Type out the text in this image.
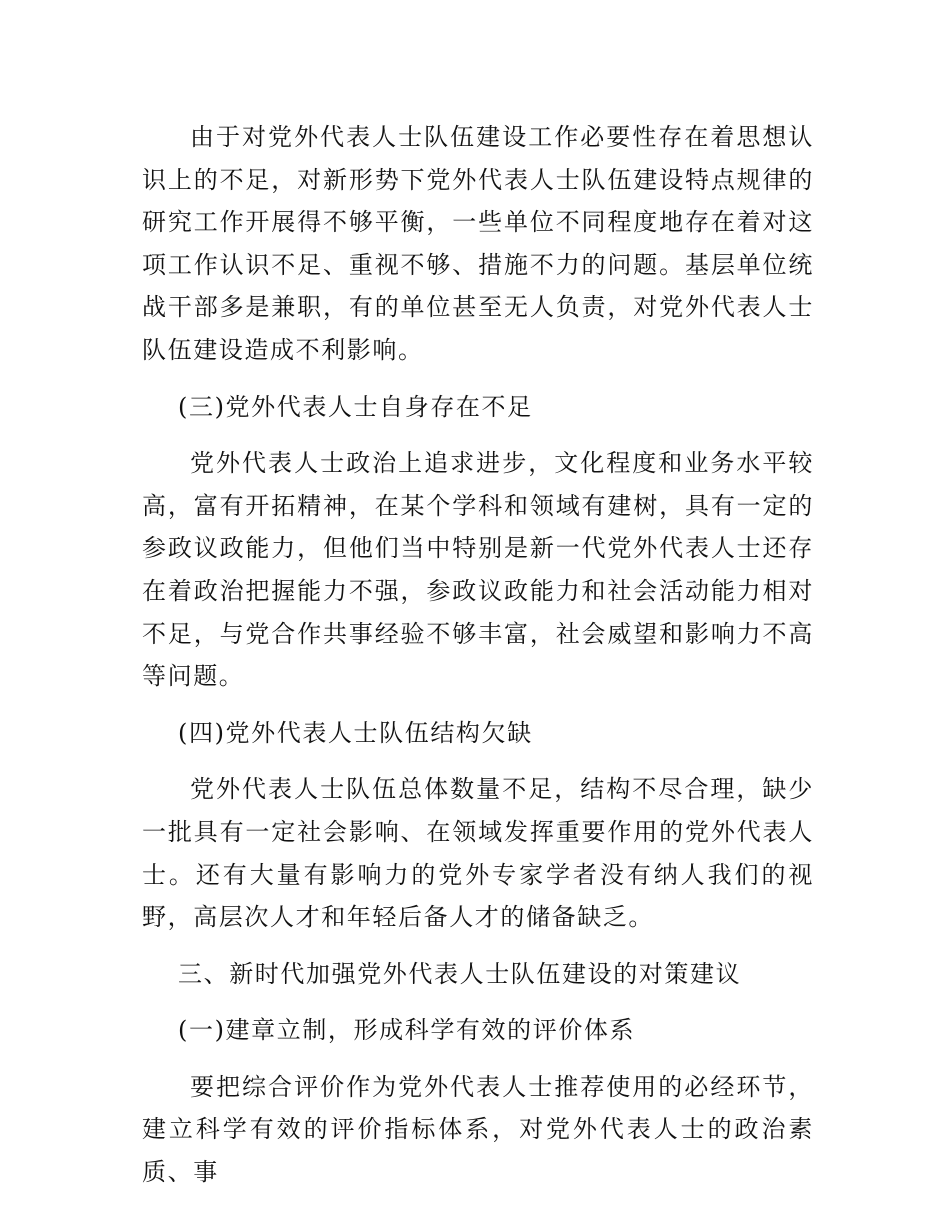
由于对党外代表人士队伍建设工作必要性存在着思想认识上的不足，对新形势下党外代表人士队伍建设特点规律的研究工作开展得不够平衡，一些单位不同程度地存在着对这项工作认识不足、重视不够、措施不力的问题。基层单位统战干部多是兼职，有的单位甚至无人负责，对党外代表人士队伍建设造成不利影响。

(三)党外代表人士自身存在不足

党外代表人士政治上追求进步，文化程度和业务水平较高，富有开拓精神，在某个学科和领域有建树，具有一定的参政议政能力，但他们当中特别是新一代党外代表人士还存在着政治把握能力不强，参政议政能力和社会活动能力相对不足，与党合作共事经验不够丰富，社会威望和影响力不高等问题。

(四)党外代表人士队伍结构欠缺

党外代表人士队伍总体数量不足，结构不尽合理，缺少一批具有一定社会影响、在领域发挥重要作用的党外代表人士。还有大量有影响力的党外专家学者没有纳人我们的视野，高层次人才和年轻后备人才的储备缺乏。

三、新时代加强党外代表人士队伍建设的对策建议

(一)建章立制，形成科学有效的评价体系

要把综合评价作为党外代表人士推荐使用的必经环节，建立科学有效的评价指标体系，对党外代表人士的政治素质、事
